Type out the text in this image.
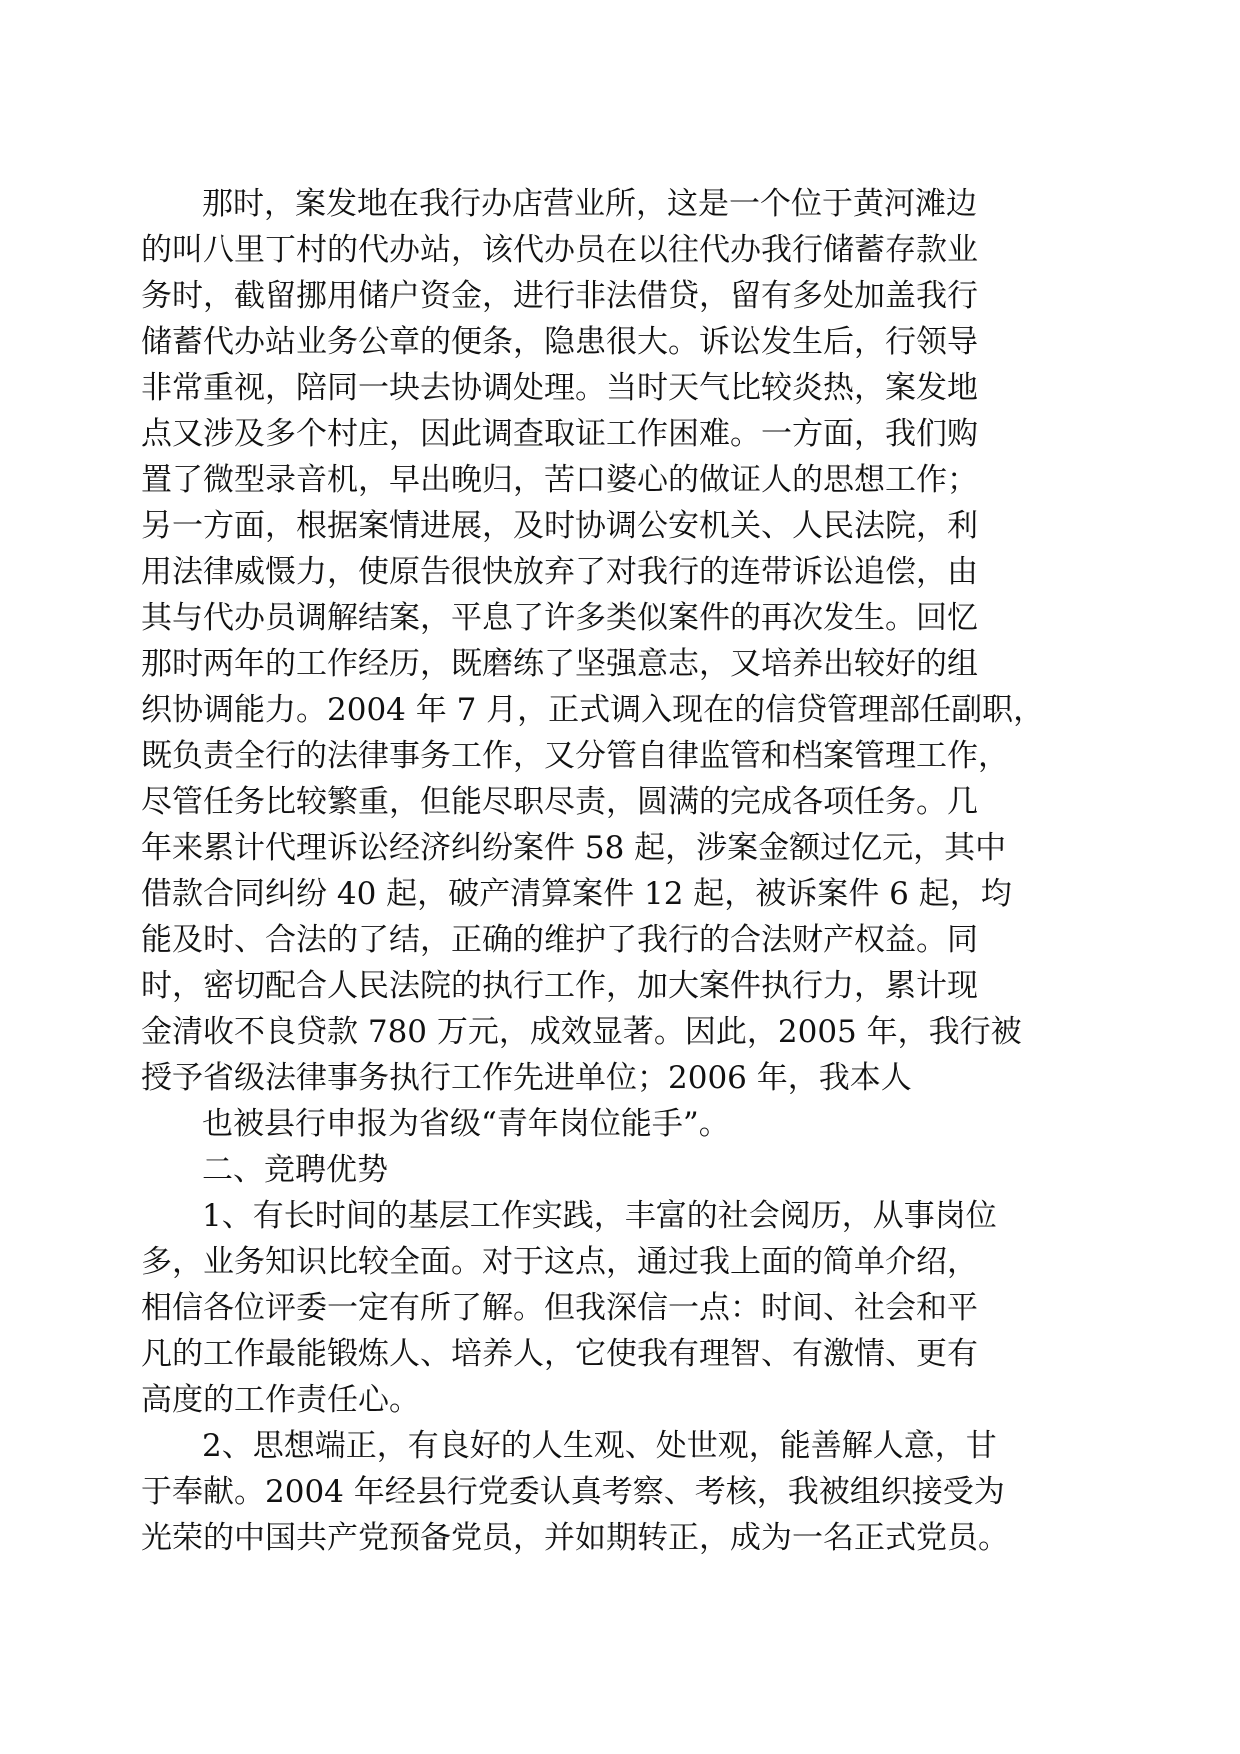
那时，案发地在我行办店营业所，这是一个位于黄河滩边
的叫八里丁村的代办站，该代办员在以往代办我行储蓄存款业
务时，截留挪用储户资金，进行非法借贷，留有多处加盖我行
储蓄代办站业务公章的便条，隐患很大。诉讼发生后，行领导
非常重视，陪同一块去协调处理。当时天气比较炎热，案发地
点又涉及多个村庄，因此调查取证工作困难。一方面，我们购
置了微型录音机，早出晚归，苦口婆心的做证人的思想工作；
另一方面，根据案情进展，及时协调公安机关、人民法院，利
用法律威慑力，使原告很快放弃了对我行的连带诉讼追偿，由
其与代办员调解结案，平息了许多类似案件的再次发生。回忆
那时两年的工作经历，既磨练了坚强意志，又培养出较好的组
织协调能力。2004 年 7 月，正式调入现在的信贷管理部任副职，
既负责全行的法律事务工作，又分管自律监管和档案管理工作，
尽管任务比较繁重，但能尽职尽责，圆满的完成各项任务。几
年来累计代理诉讼经济纠纷案件 58 起，涉案金额过亿元，其中
借款合同纠纷 40 起，破产清算案件 12 起，被诉案件 6 起，均
能及时、合法的了结，正确的维护了我行的合法财产权益。同
时，密切配合人民法院的执行工作，加大案件执行力，累计现
金清收不良贷款 780 万元，成效显著。因此，2005 年，我行被
授予省级法律事务执行工作先进单位；2006 年，我本人
也被县行申报为省级“青年岗位能手”。
二、竞聘优势
1、有长时间的基层工作实践，丰富的社会阅历，从事岗位
多，业务知识比较全面。对于这点，通过我上面的简单介绍，
相信各位评委一定有所了解。但我深信一点：时间、社会和平
凡的工作最能锻炼人、培养人，它使我有理智、有激情、更有
高度的工作责任心。
2、思想端正，有良好的人生观、处世观，能善解人意，甘
于奉献。2004 年经县行党委认真考察、考核，我被组织接受为
光荣的中国共产党预备党员，并如期转正，成为一名正式党员。
